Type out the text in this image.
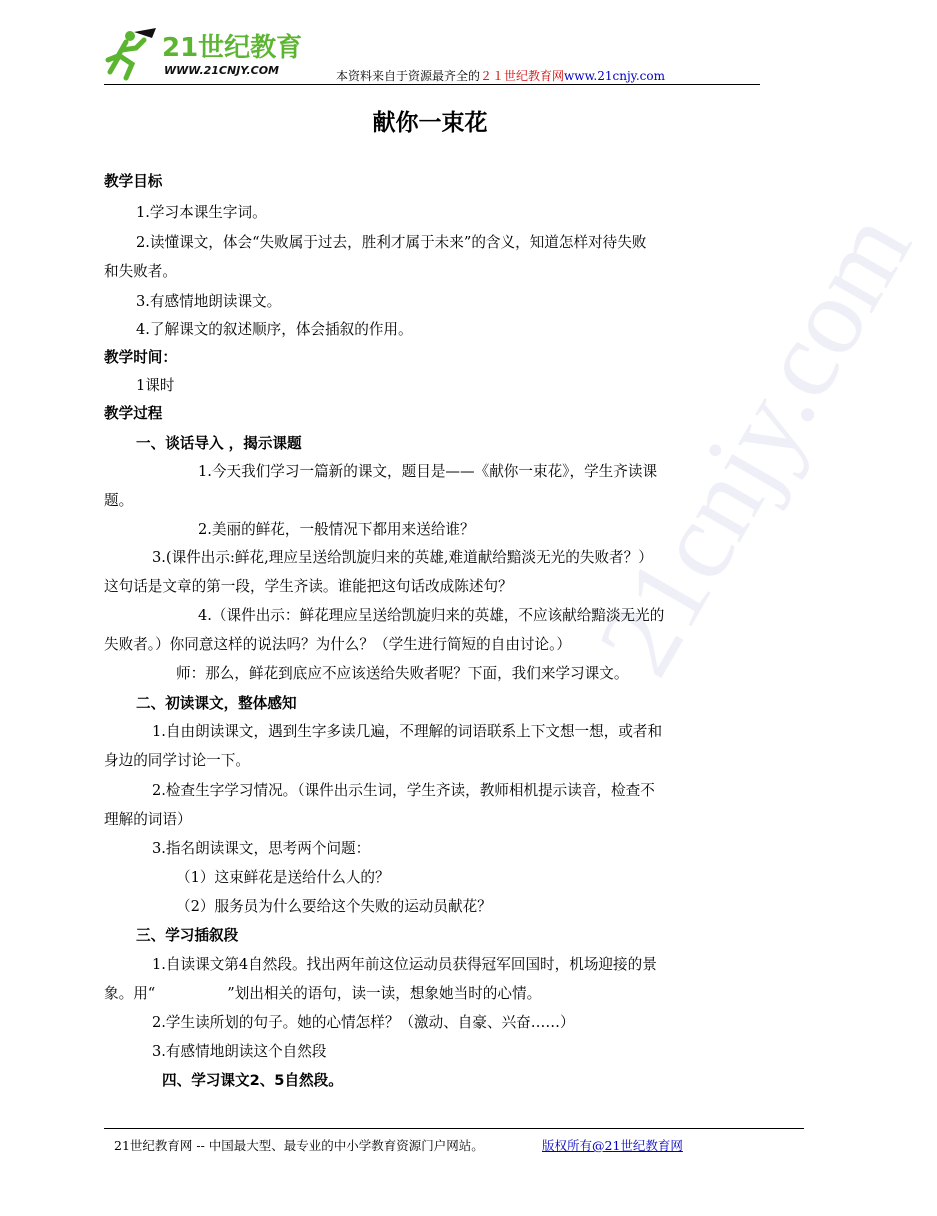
21世纪教育
WWW.21CNJY.COM	本资料来自于资源最齐全的２１世纪教育网www.21cnjy.com
21cnjy.com
献你一束花
教学目标
1.学习本课生字词。
2.读懂课文，体会“失败属于过去，胜利才属于未来”的含义，知道怎样对待失败
和失败者。
3.有感情地朗读课文。
4.了解课文的叙述顺序，体会插叙的作用。
教学时间：
1课时
教学过程
一、谈话导入 ，揭示课题
1.今天我们学习一篇新的课文，题目是——《献你一束花》，学生齐读课
题。
2.美丽的鲜花，一般情况下都用来送给谁？
3.(课件出示:鲜花,理应呈送给凯旋归来的英雄,难道献给黯淡无光的失败者？）
这句话是文章的第一段，学生齐读。谁能把这句话改成陈述句？
4.（课件出示：鲜花理应呈送给凯旋归来的英雄，不应该献给黯淡无光的
失败者。）你同意这样的说法吗？为什么？（学生进行简短的自由讨论。）
师：那么，鲜花到底应不应该送给失败者呢？下面，我们来学习课文。
二、初读课文，整体感知
1.自由朗读课文，遇到生字多读几遍，不理解的词语联系上下文想一想，或者和
身边的同学讨论一下。
2.检查生字学习情况。（课件出示生词，学生齐读，教师相机提示读音，检查不
理解的词语）
3.指名朗读课文，思考两个问题：
（1）这束鲜花是送给什么人的？
（2）服务员为什么要给这个失败的运动员献花？
三、学习插叙段
1.自读课文第4自然段。找出两年前这位运动员获得冠军回国时，机场迎接的景
象。用“	”划出相关的语句，读一读，想象她当时的心情。
2.学生读所划的句子。她的心情怎样？（激动、自豪、兴奋……）
3.有感情地朗读这个自然段
四、学习课文2、5自然段。
21世纪教育网 -- 中国最大型、最专业的中小学教育资源门户网站。	版权所有@21世纪教育网
